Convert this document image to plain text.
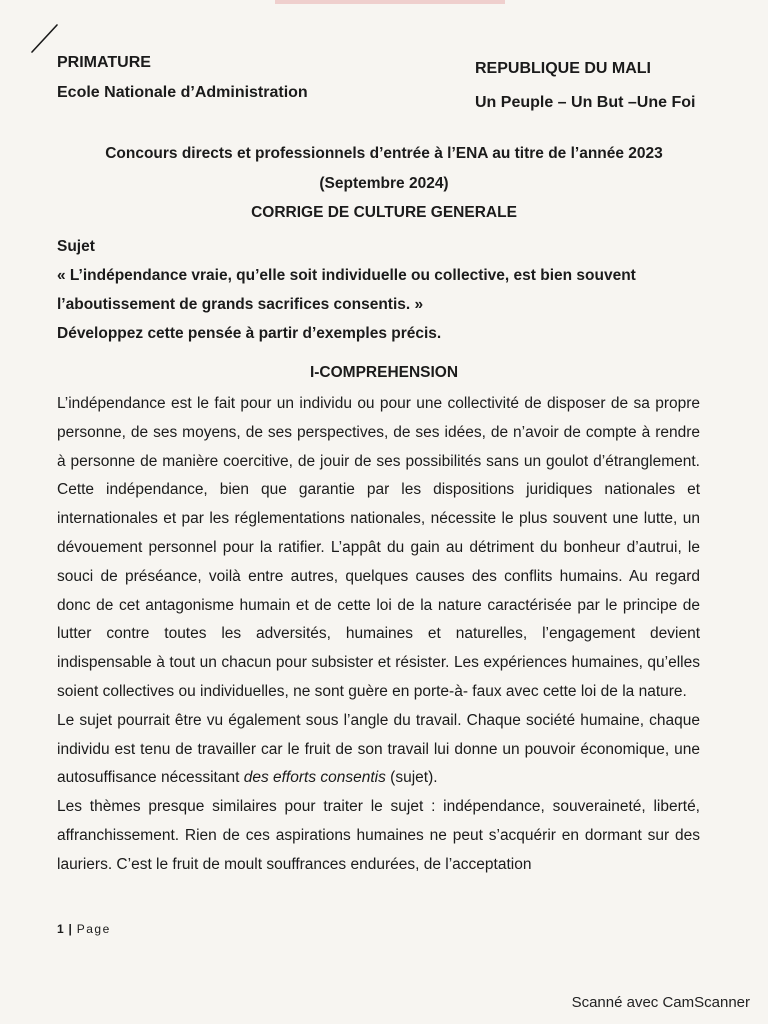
PRIMATURE
Ecole Nationale d’Administration
REPUBLIQUE DU MALI
Un Peuple – Un But –Une Foi
Concours directs et professionnels d’entrée à l’ENA au titre de l’année 2023
(Septembre 2024)
CORRIGE DE CULTURE GENERALE
Sujet
« L’indépendance vraie, qu’elle soit individuelle ou collective, est bien souvent l’aboutissement de grands sacrifices consentis. »
Développez cette pensée à partir d’exemples précis.
I-COMPREHENSION

L’indépendance est le fait pour un individu ou pour une collectivité de disposer de sa propre personne, de ses moyens, de ses perspectives, de ses idées, de n’avoir de compte à rendre à personne de manière coercitive, de jouir de ses possibilités sans un goulot d’étranglement. Cette indépendance, bien que garantie par les dispositions juridiques nationales et internationales et par les réglementations nationales, nécessite le plus souvent une lutte, un dévouement personnel pour la ratifier. L’appât du gain au détriment du bonheur d’autrui, le souci de préséance, voilà entre autres, quelques causes des conflits humains. Au regard donc de cet antagonisme humain et de cette loi de la nature caractérisée par le principe de lutter contre toutes les adversités, humaines et naturelles, l’engagement devient indispensable à tout un chacun pour subsister et résister. Les expériences humaines, qu’elles soient collectives ou individuelles, ne sont guère en porte-à- faux avec cette loi de la nature.

Le sujet pourrait être vu également sous l’angle du travail. Chaque société humaine, chaque individu est tenu de travailler car le fruit de son travail lui donne un pouvoir économique, une autosuffisance nécessitant des efforts consentis (sujet).

Les thèmes presque similaires pour traiter le sujet : indépendance, souveraineté, liberté, affranchissement. Rien de ces aspirations humaines ne peut s’acquérir en dormant sur des lauriers. C’est le fruit de moult souffrances endurées, de l’acceptation

1 | Page
Scanné avec CamScanner
